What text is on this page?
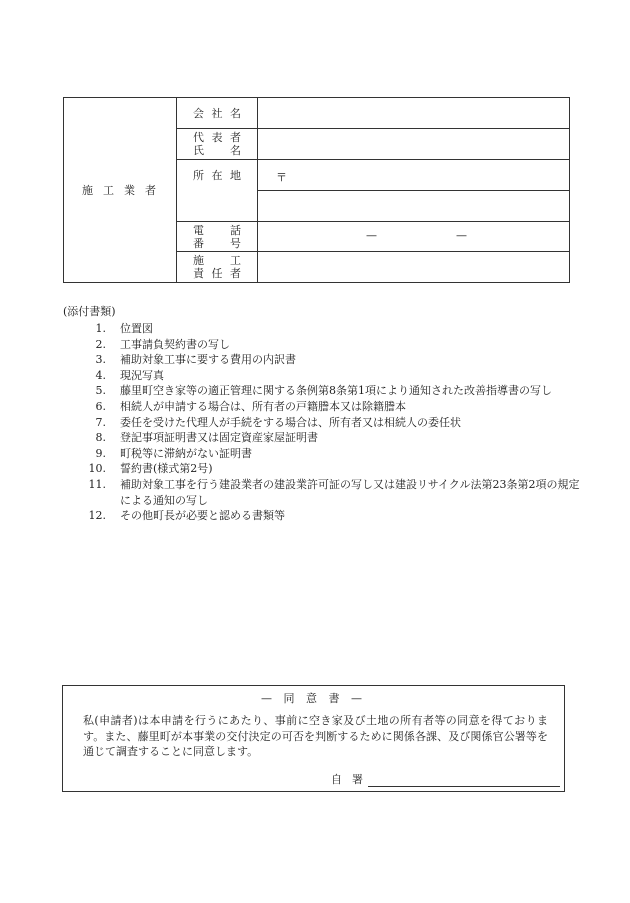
施工業者	会社名	

	代表者
氏名	

	所在地	〒

	電話
番号	— —

	施工
責任者	

(添付書類)
1.	位置図
2.	工事請負契約書の写し
3.	補助対象工事に要する費用の内訳書
4.	現況写真
5.	藤里町空き家等の適正管理に関する条例第8条第1項により通知された改善指導書の写し
6.	相続人が申請する場合は、所有者の戸籍謄本又は除籍謄本
7.	委任を受けた代理人が手続をする場合は、所有者又は相続人の委任状
8.	登記事項証明書又は固定資産家屋証明書
9.	町税等に滞納がない証明書
10.	誓約書(様式第2号)
11.	補助対象工事を行う建設業者の建設業許可証の写し又は建設リサイクル法第23条第2項の規定による通知の写し
12.	その他町長が必要と認める書類等
— 同 意 書 —
私(申請者)は本申請を行うにあたり、事前に空き家及び土地の所有者等の同意を得ております。また、藤里町が本事業の交付決定の可否を判断するために関係各課、及び関係官公署等を通じて調査することに同意します。
自署
